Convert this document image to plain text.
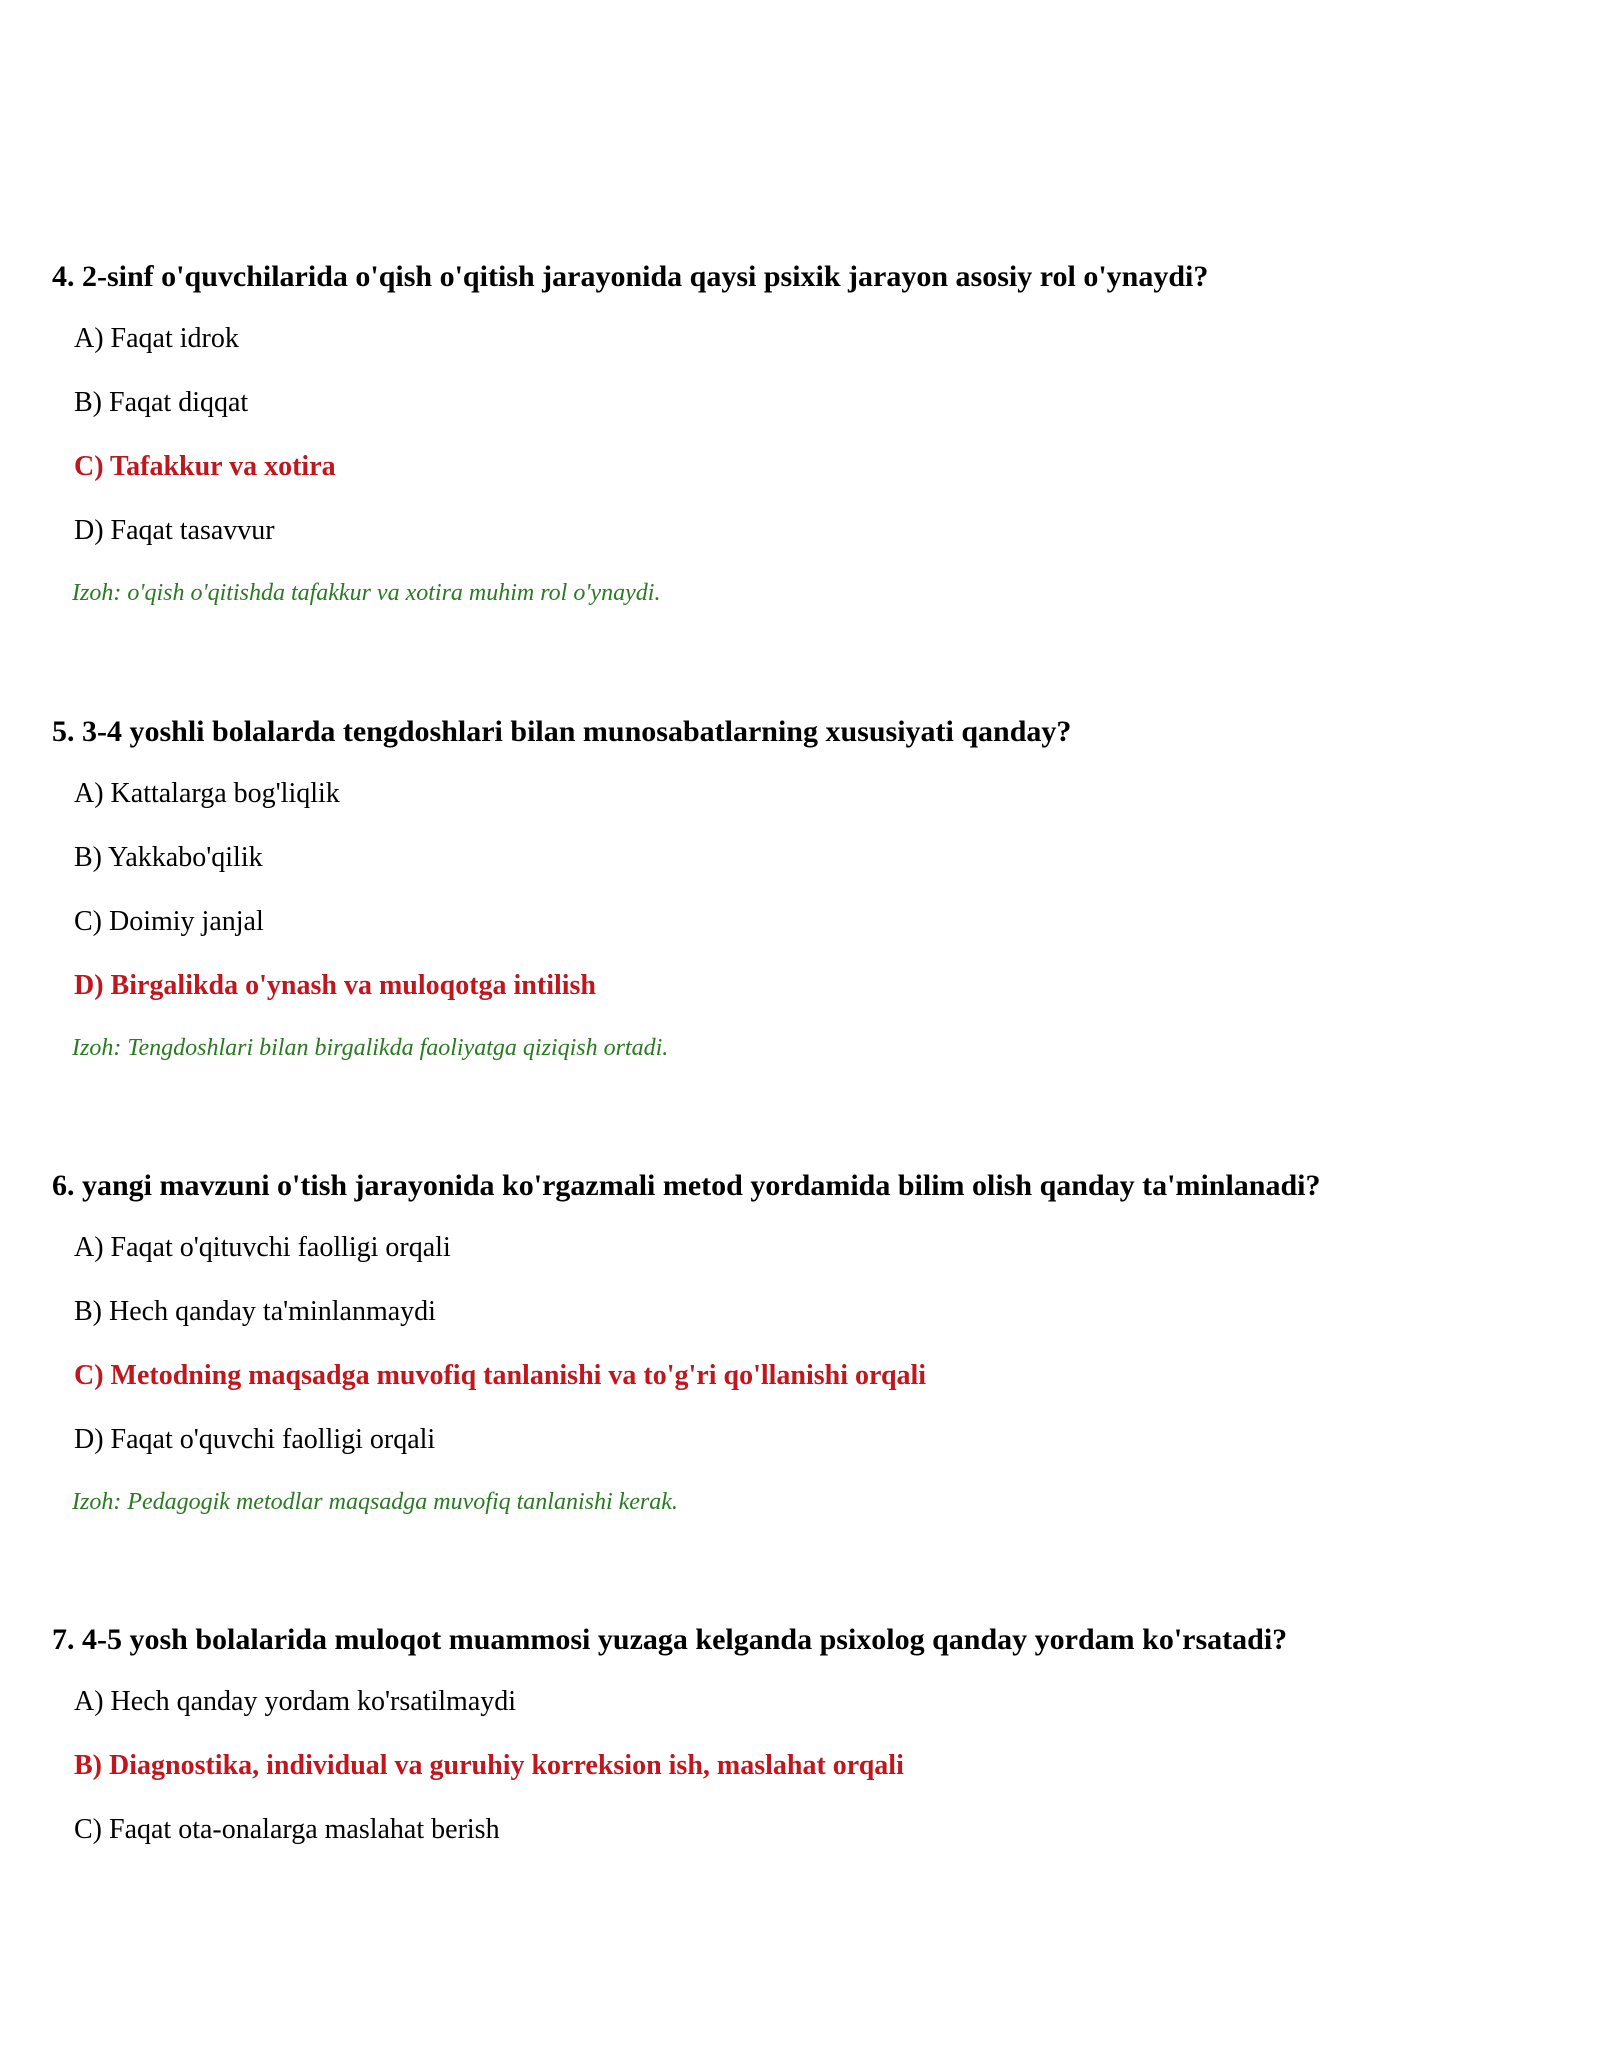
4. 2-sinf o'quvchilarida o'qish o'qitish jarayonida qaysi psixik jarayon asosiy rol o'ynaydi?

A) Faqat idrok
B) Faqat diqqat
C) Tafakkur va xotira
D) Faqat tasavvur

Izoh: o'qish o'qitishda tafakkur va xotira muhim rol o'ynaydi.

5. 3-4 yoshli bolalarda tengdoshlari bilan munosabatlarning xususiyati qanday?

A) Kattalarga bog'liqlik
B) Yakkabo'qilik
C) Doimiy janjal
D) Birgalikda o'ynash va muloqotga intilish

Izoh: Tengdoshlari bilan birgalikda faoliyatga qiziqish ortadi.

6. yangi mavzuni o'tish jarayonida ko'rgazmali metod yordamida bilim olish qanday ta'minlanadi?

A) Faqat o'qituvchi faolligi orqali
B) Hech qanday ta'minlanmaydi
C) Metodning maqsadga muvofiq tanlanishi va to'g'ri qo'llanishi orqali
D) Faqat o'quvchi faolligi orqali

Izoh: Pedagogik metodlar maqsadga muvofiq tanlanishi kerak.

7. 4-5 yosh bolalarida muloqot muammosi yuzaga kelganda psixolog qanday yordam ko'rsatadi?

A) Hech qanday yordam ko'rsatilmaydi
B) Diagnostika, individual va guruhiy korreksion ish, maslahat orqali
C) Faqat ota-onalarga maslahat berish
